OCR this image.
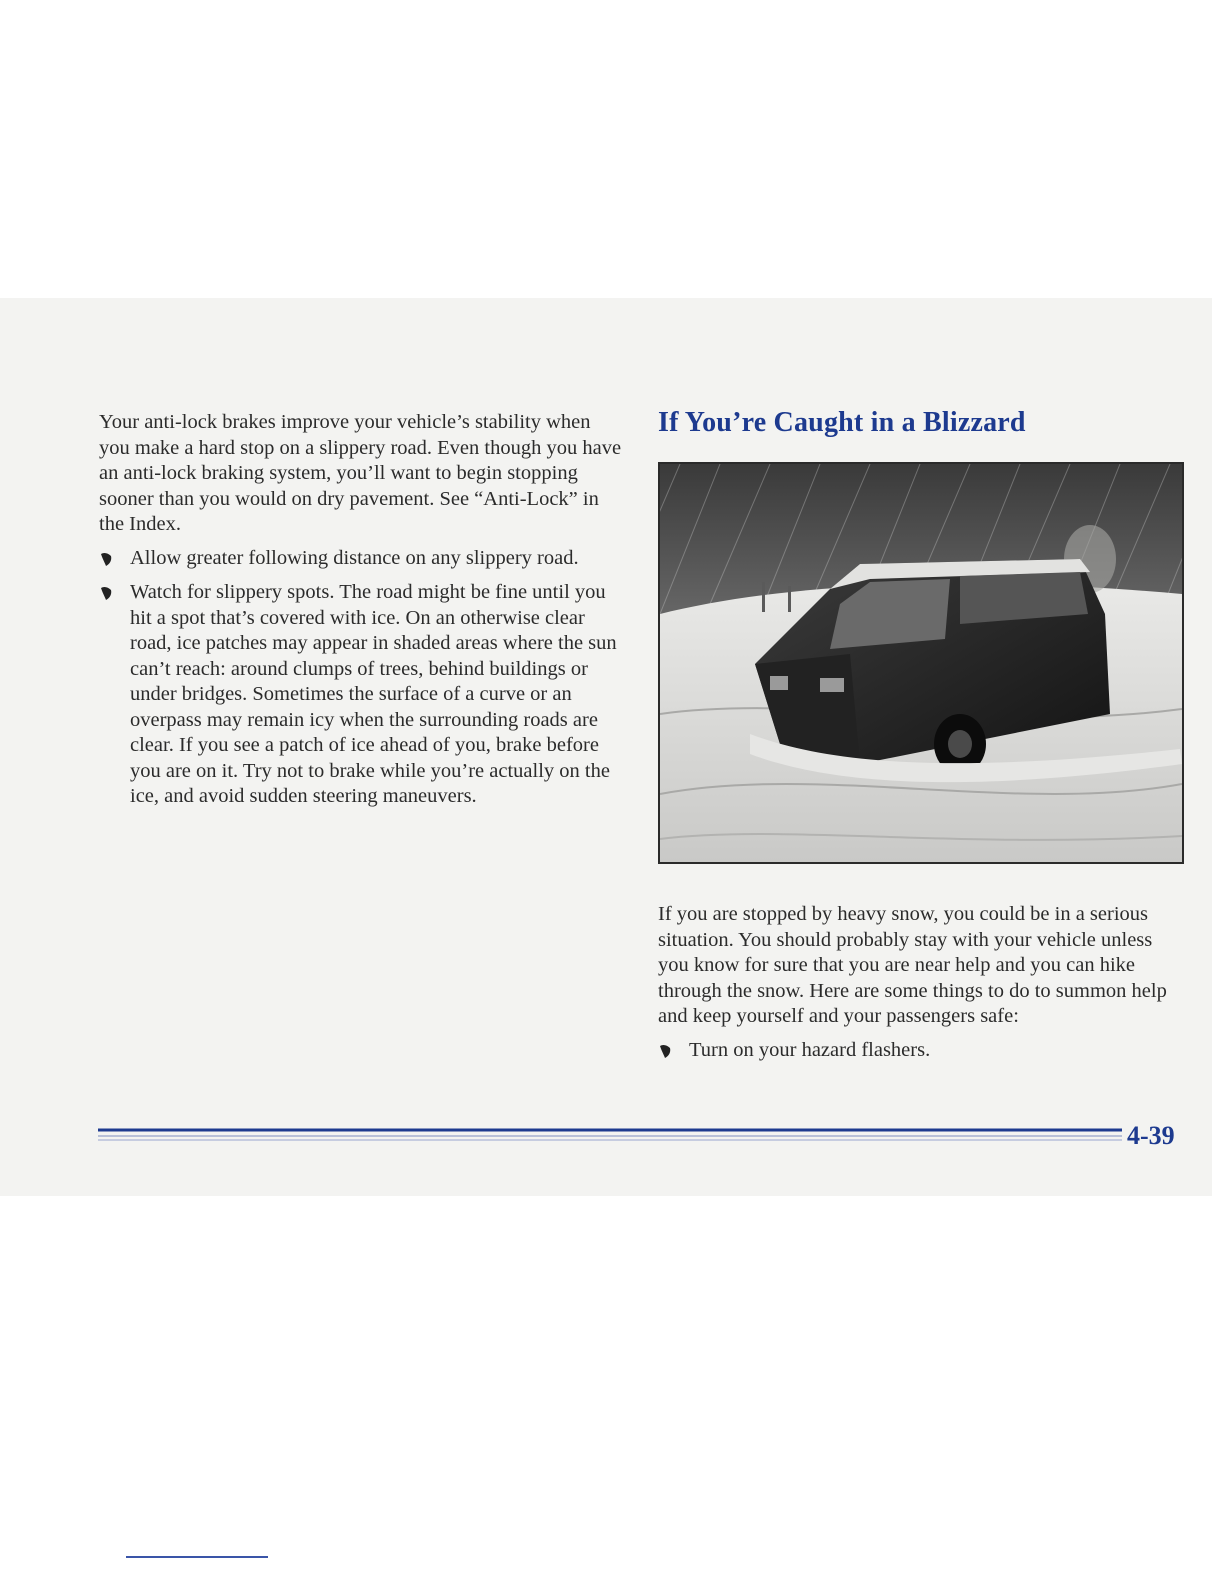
Your anti-lock brakes improve your vehicle’s stability when you make a hard stop on a slippery road. Even though you have an anti-lock braking system, you’ll want to begin stopping sooner than you would on dry pavement. See “Anti-Lock” in the Index.

Allow greater following distance on any slippery road.
Watch for slippery spots. The road might be fine until you hit a spot that’s covered with ice. On an otherwise clear road, ice patches may appear in shaded areas where the sun can’t reach: around clumps of trees, behind buildings or under bridges. Sometimes the surface of a curve or an overpass may remain icy when the surrounding roads are clear. If you see a patch of ice ahead of you, brake before you are on it. Try not to brake while you’re actually on the ice, and avoid sudden steering maneuvers.
If You’re Caught in a Blizzard

If you are stopped by heavy snow, you could be in a serious situation. You should probably stay with your vehicle unless you know for sure that you are near help and you can hike through the snow. Here are some things to do to summon help and keep yourself and your passengers safe:

Turn on your hazard flashers.
4-39
